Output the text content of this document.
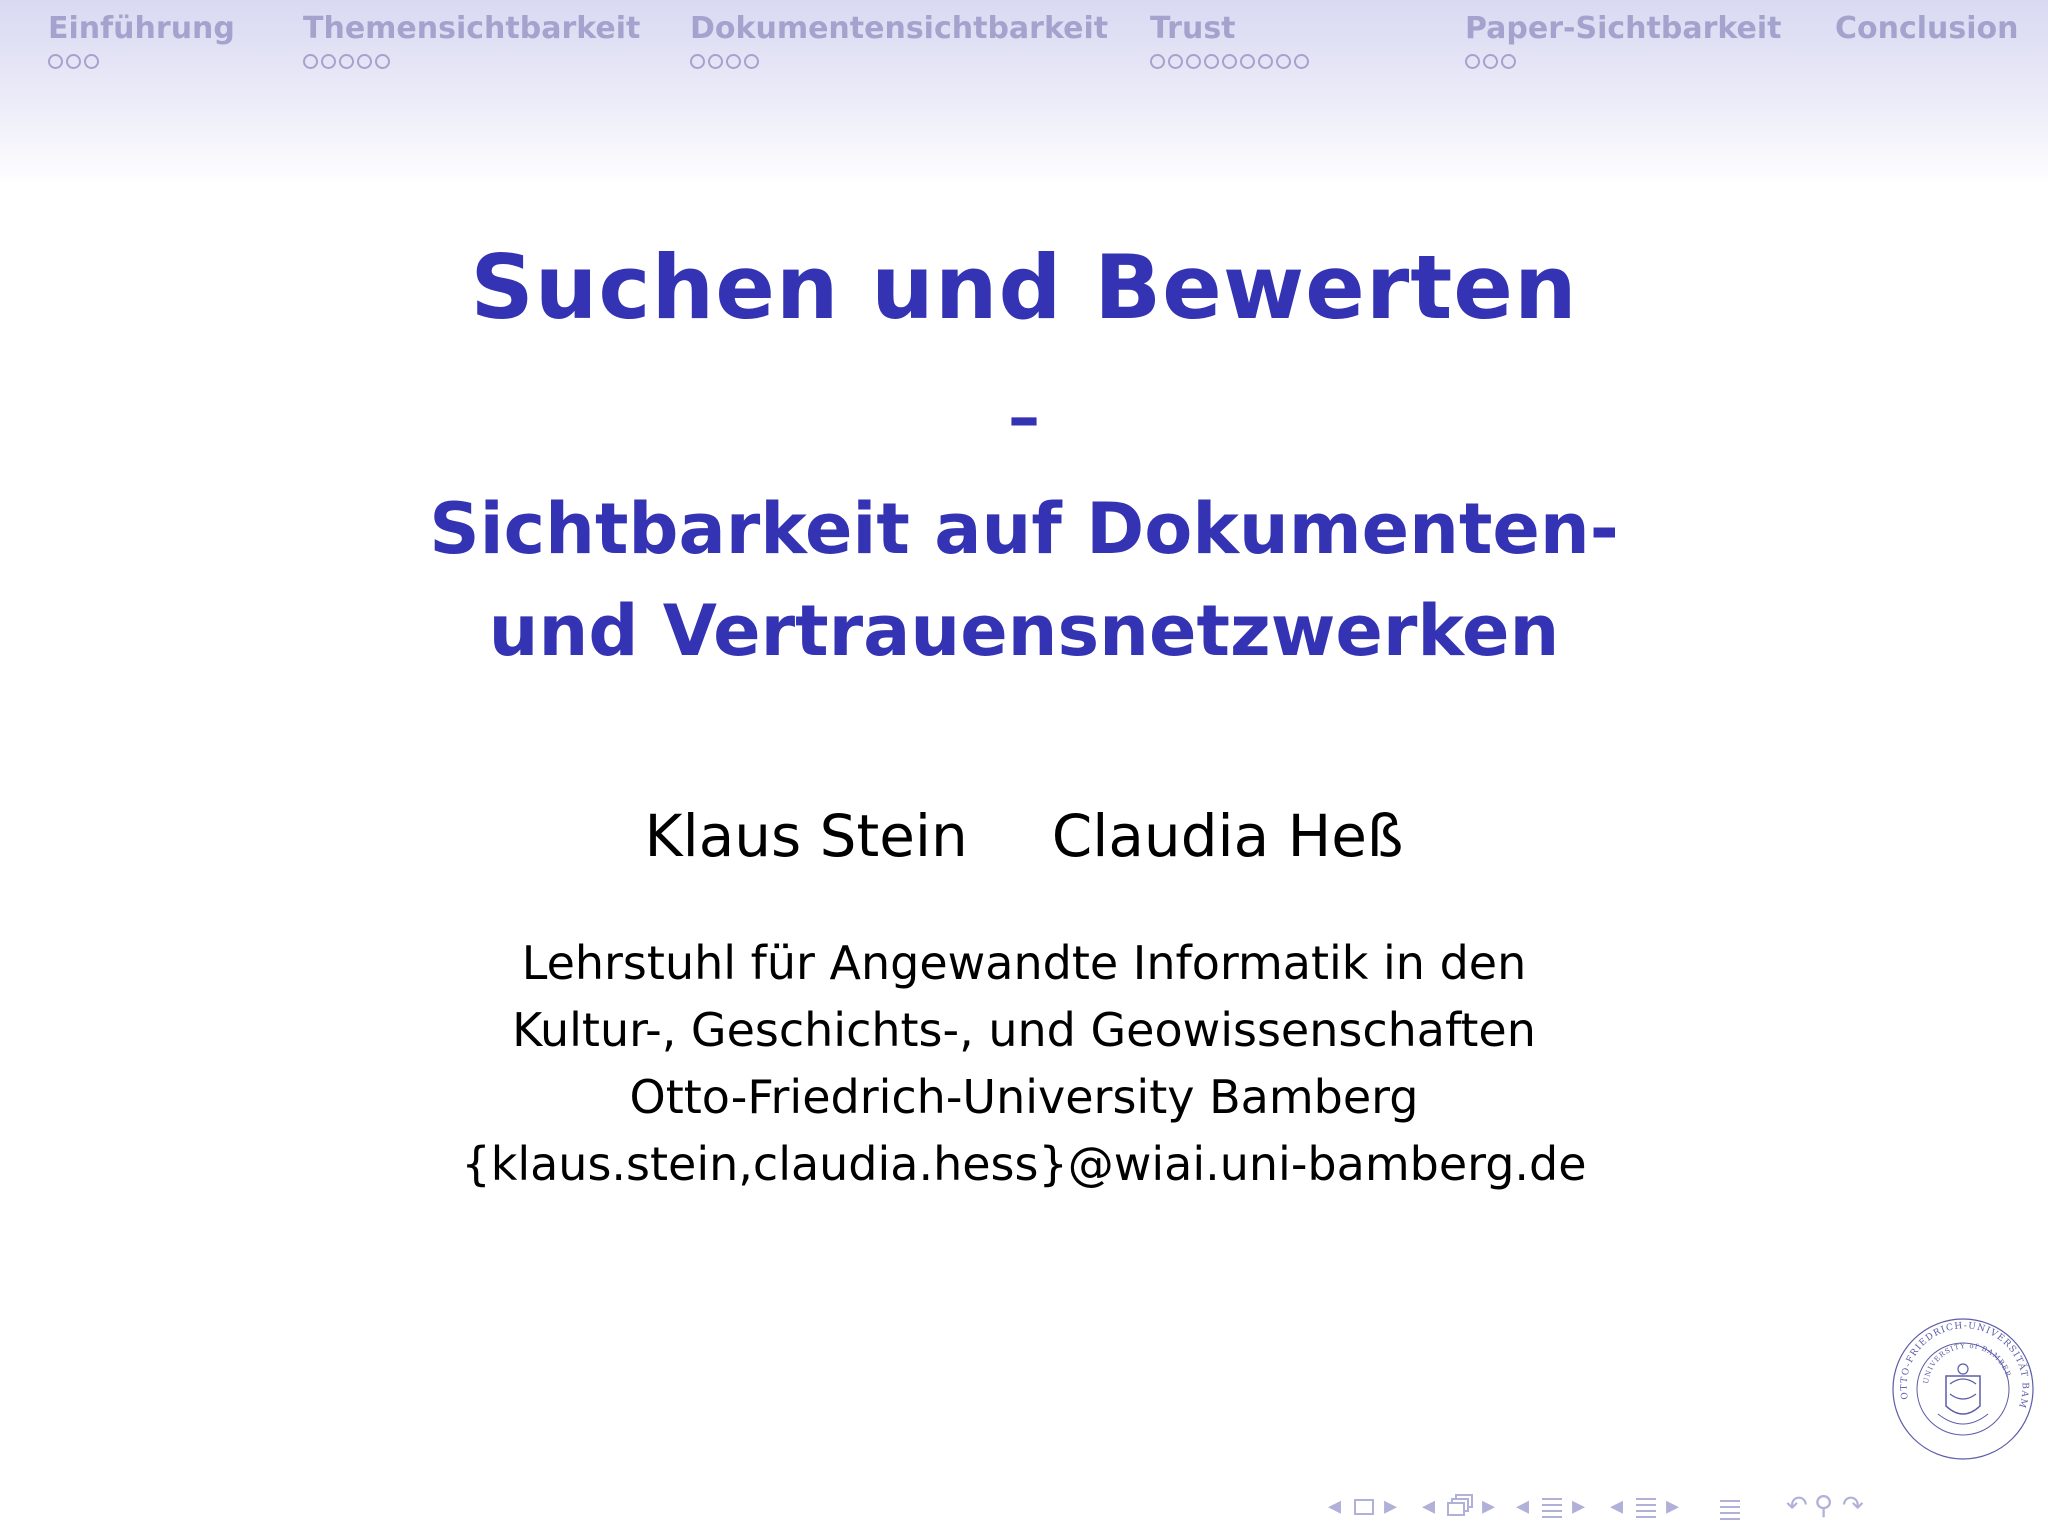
Einführung Themensichtbarkeit Dokumentensichtbarkeit Trust	Paper-Sichtbarkeit Conclusion
Suchen und Bewerten
–
Sichtbarkeit auf Dokumenten-
und Vertrauensnetzwerken
Klaus Stein Claudia Heß
Lehrstuhl für Angewandte Informatik in den
Kultur-, Geschichts-, und Geowissenschaften
Otto-Friedrich-University Bamberg
{klaus.stein,claudia.hess}@wiai.uni-bamberg.de
OTTO-FRIEDRICH-UNIVERSITÄT BAM
UNIVERSITY of BAMBER
◂ ▸ ◂ ▸ ◂ ▸ ◂ ▸	↶ ⚲ ↷
